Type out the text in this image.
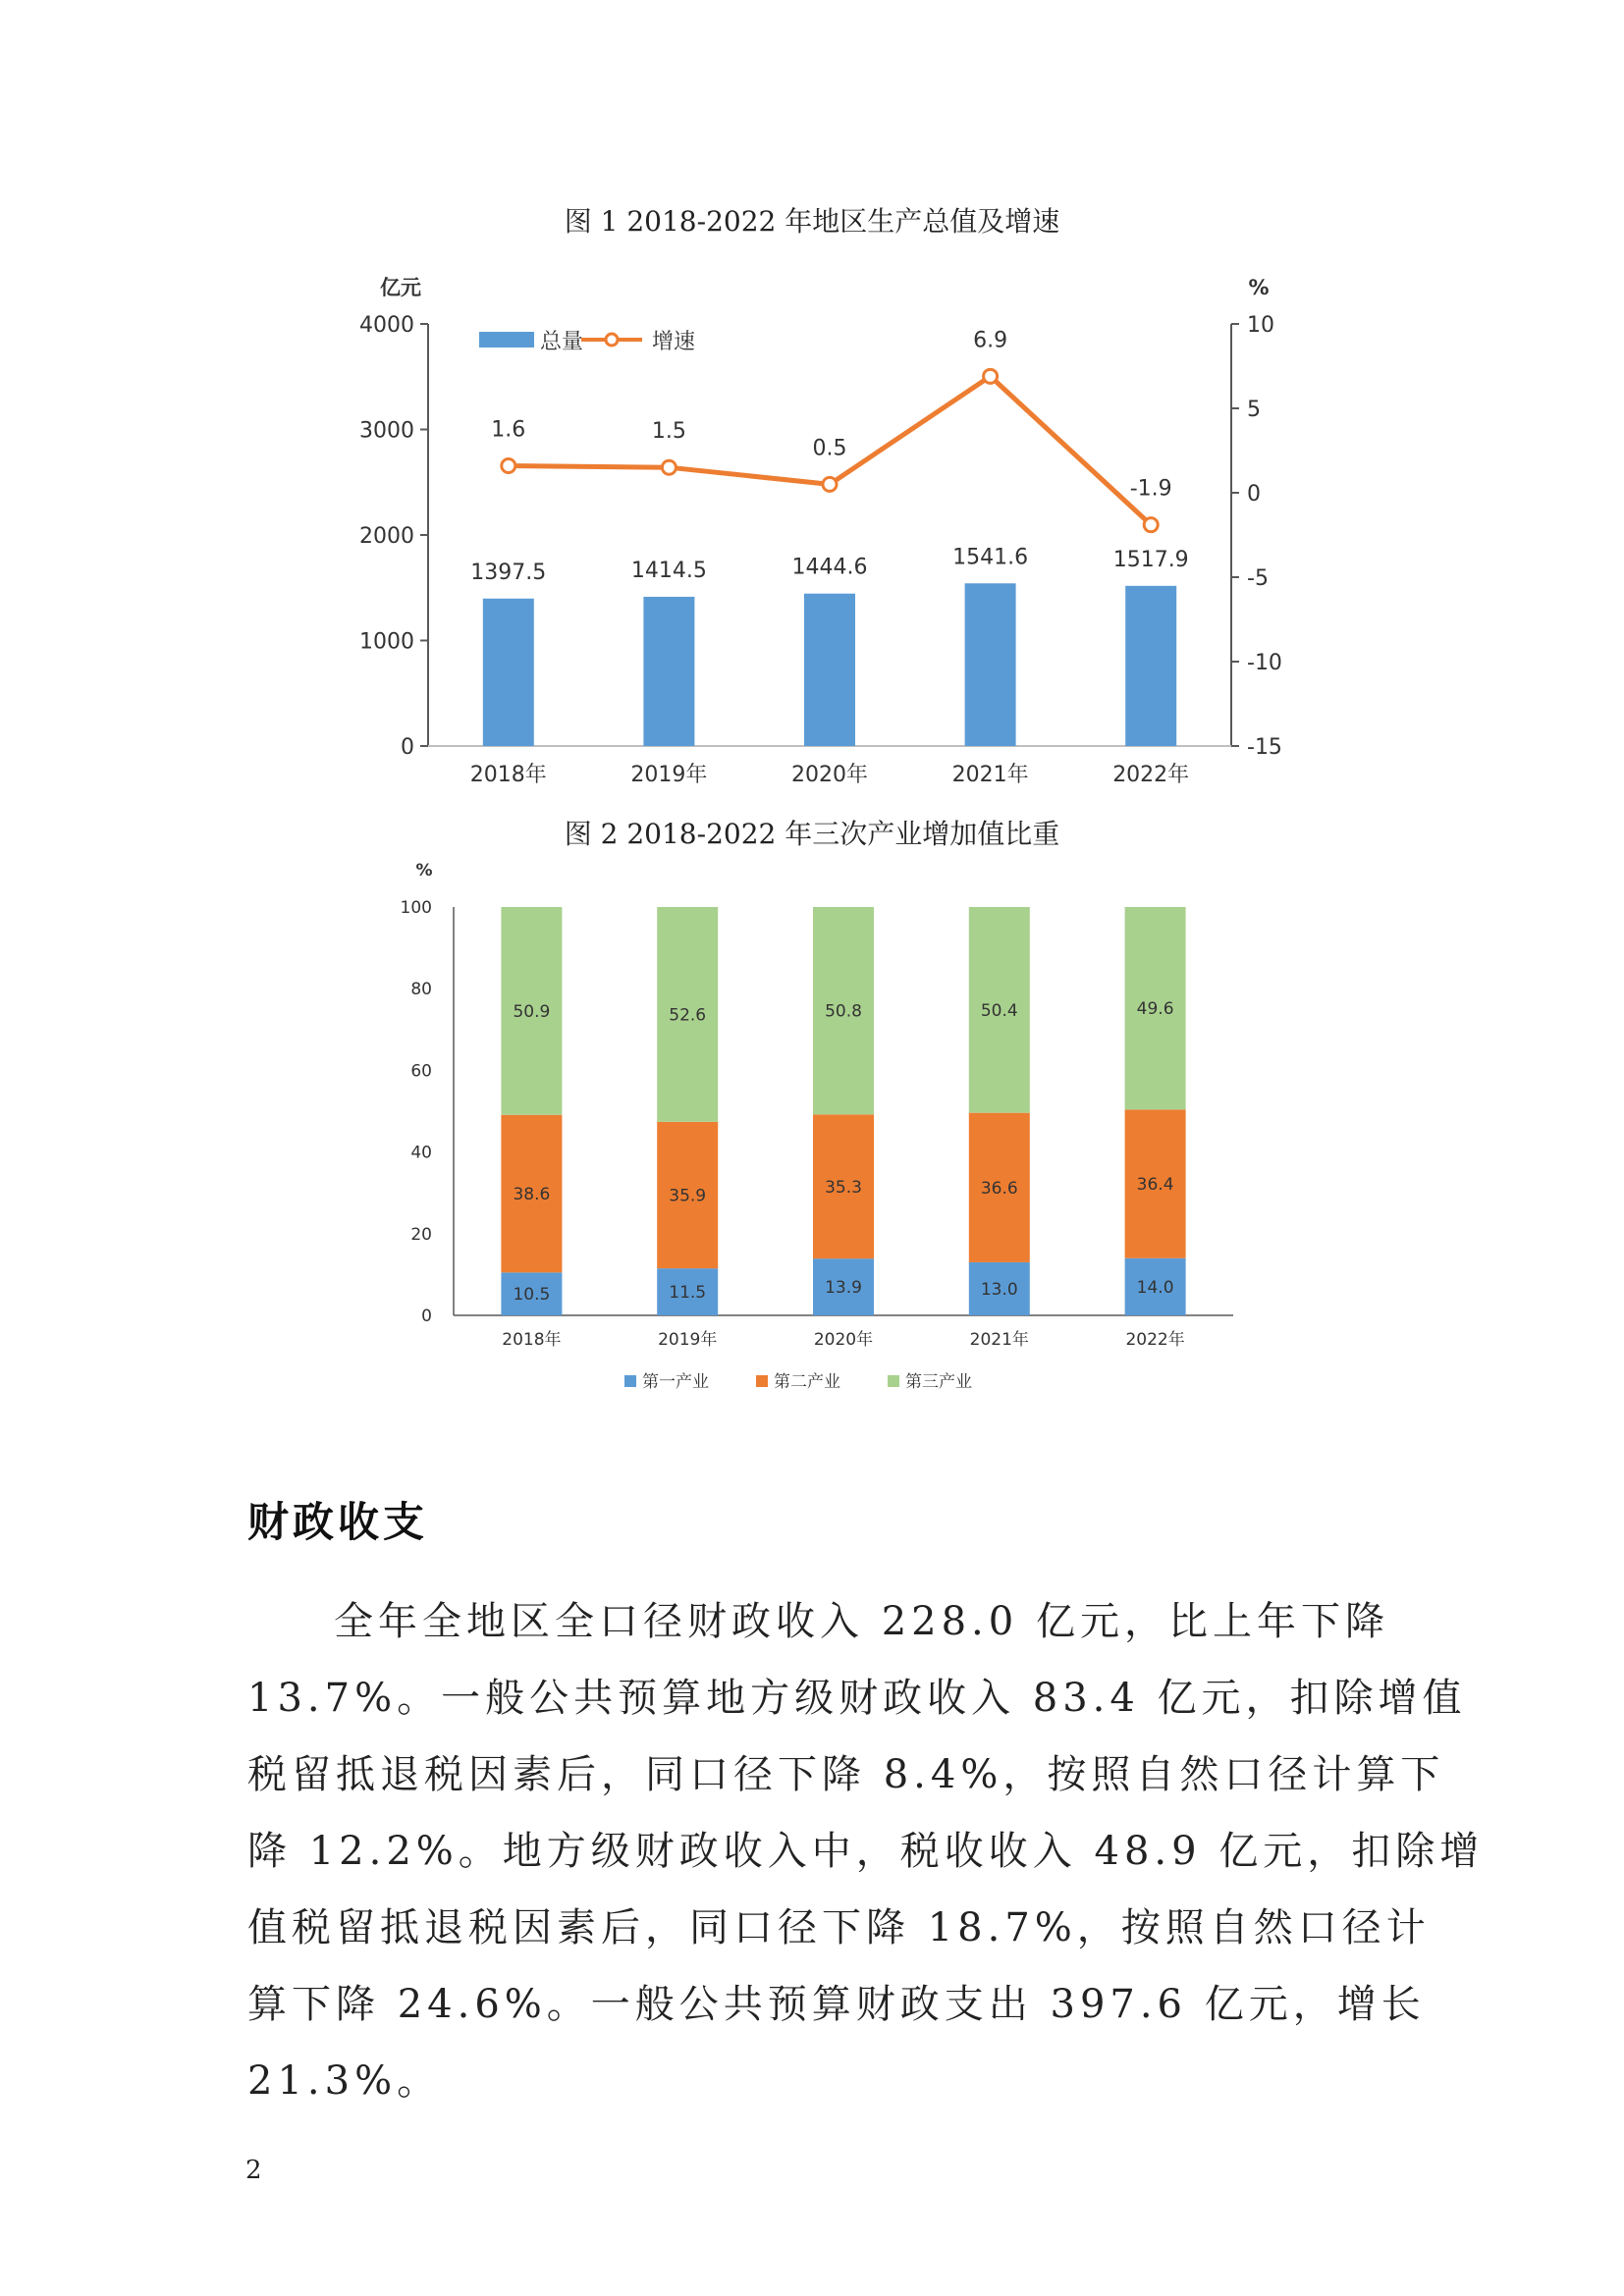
图 1 2018-2022 年地区生产总值及增速
亿元	%
0
1000
2000
3000
4000
-15
-10
-5
0
5
10
2018年	2019年	2020年	2021年	2022年
1397.5	1414.5	1444.6	1541.6	1517.9
1.6	1.5
0.5
6.9
-1.9
总量	增速
图 2 2018-2022 年三次产业增加值比重
%
0
20
40
60
80
100
2018年	2019年	2020年	2021年	2022年
10.5
38.6
50.9
11.5
35.9
52.6
13.9
35.3
50.8
13.0
36.6
50.4
14.0
36.4
49.6
第一产业	第二产业	第三产业
财政收支
全年全地区全口径财政收入 228.0 亿元，比上年下降
13.7%。一般公共预算地方级财政收入 83.4 亿元，扣除增值
税留抵退税因素后，同口径下降 8.4%，按照自然口径计算下
降 12.2%。地方级财政收入中，税收收入 48.9 亿元，扣除增
值税留抵退税因素后，同口径下降 18.7%，按照自然口径计
算下降 24.6%。一般公共预算财政支出 397.6 亿元，增长
21.3%。
2
